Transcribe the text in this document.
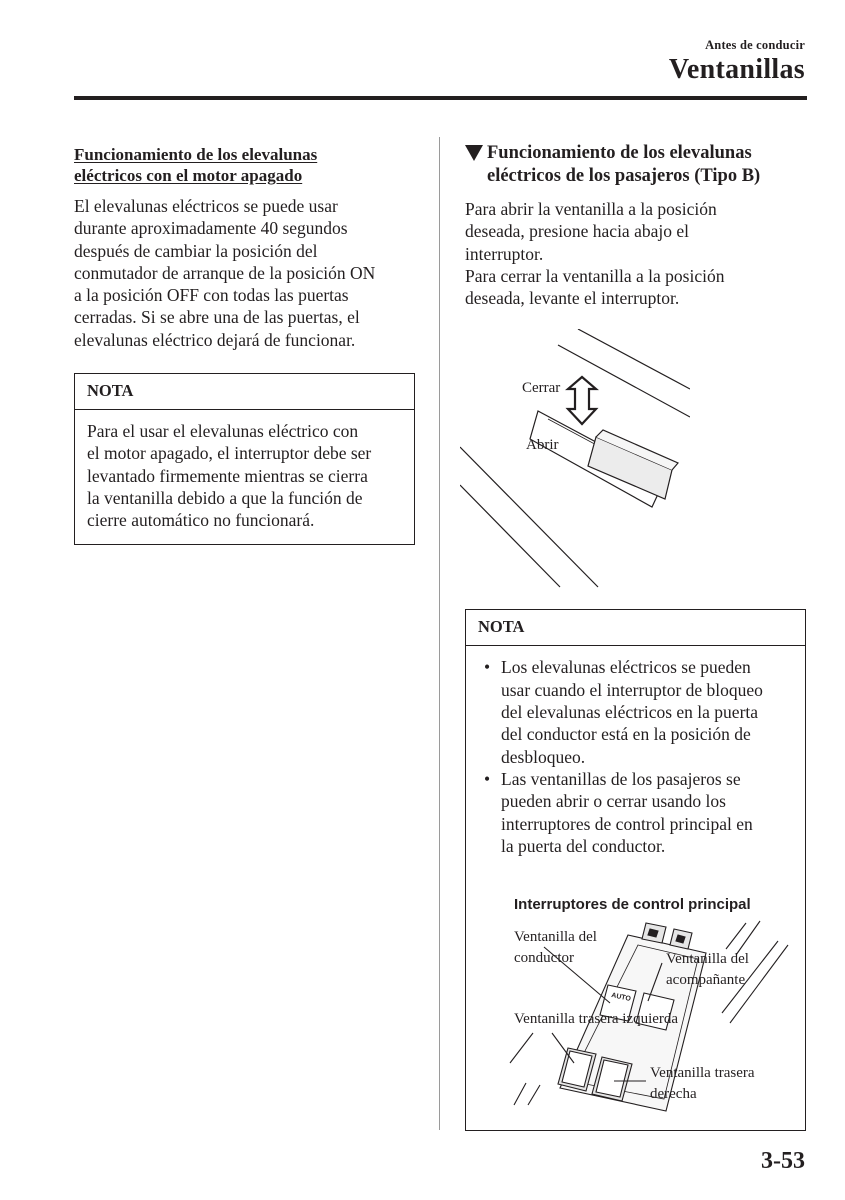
Antes de conducir
Ventanillas
Funcionamiento de los elevalunas
eléctricos con el motor apagado
El elevalunas eléctricos se puede usar
durante aproximadamente 40 segundos
después de cambiar la posición del
conmutador de arranque de la posición ON
a la posición OFF con todas las puertas
cerradas. Si se abre una de las puertas, el
elevalunas eléctrico dejará de funcionar.
NOTA
Para el usar el elevalunas eléctrico con
el motor apagado, el interruptor debe ser
levantado firmemente mientras se cierra
la ventanilla debido a que la función de
cierre automático no funcionará.
Funcionamiento de los elevalunas
eléctricos de los pasajeros (Tipo B)
Para abrir la ventanilla a la posición
deseada, presione hacia abajo el
interruptor.
Para cerrar la ventanilla a la posición
deseada, levante el interruptor.
Cerrar
Abrir
NOTA
• Los elevalunas eléctricos se pueden
usar cuando el interruptor de bloqueo
del elevalunas eléctricos en la puerta
del conductor está en la posición de
desbloqueo.
• Las ventanillas de los pasajeros se
pueden abrir o cerrar usando los
interruptores de control principal en
la puerta del conductor.
Interruptores de control principal
Ventanilla del
conductor	Ventanilla del
acompañante
Ventanilla trasera izquierda
Ventanilla trasera
derecha
AUTO
3-53
